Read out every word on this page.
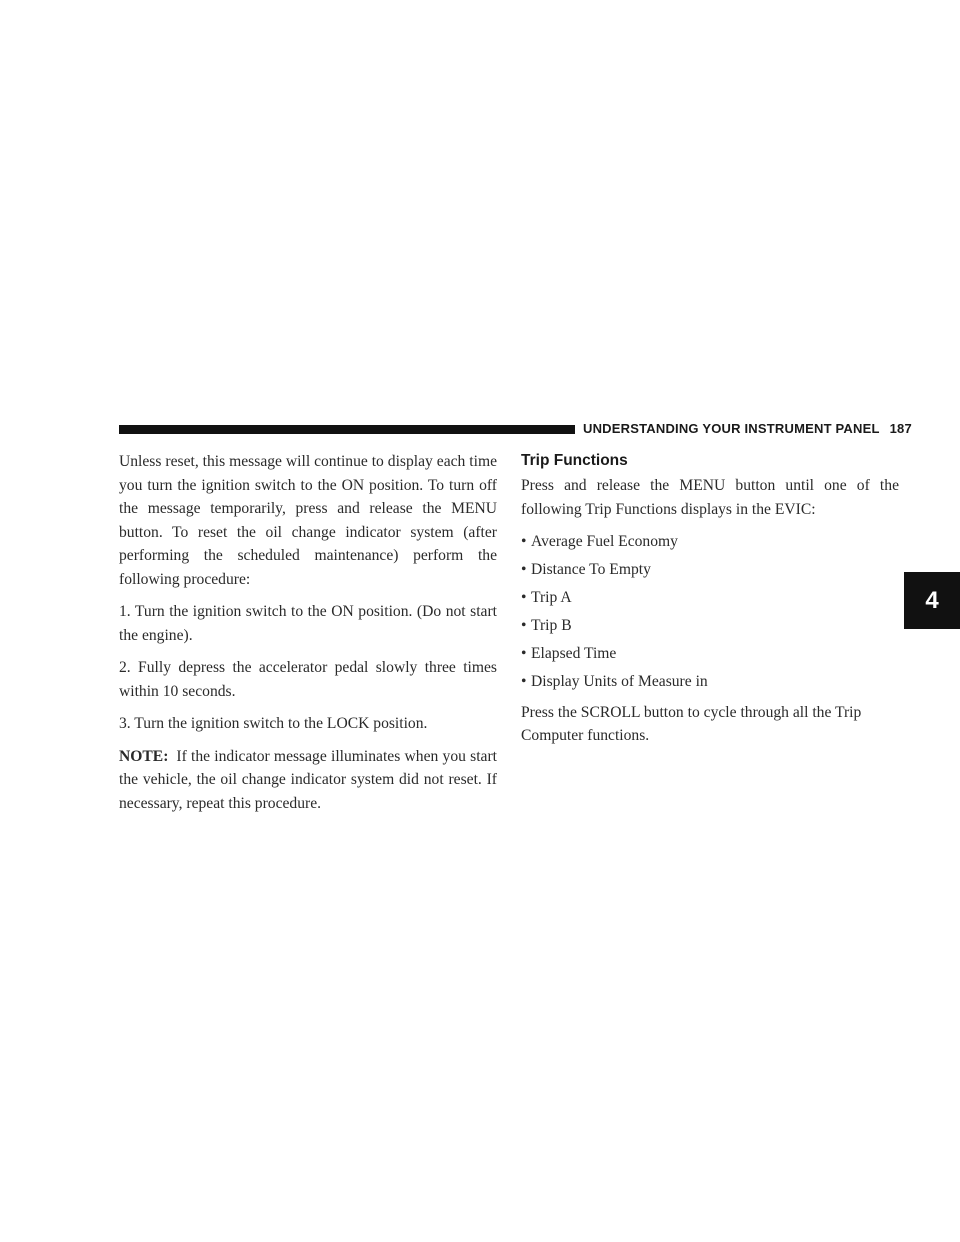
UNDERSTANDING YOUR INSTRUMENT PANEL 187
4

Unless reset, this message will continue to display each time you turn the ignition switch to the ON position. To turn off the message temporarily, press and release the MENU button. To reset the oil change indicator system (after performing the scheduled maintenance) perform the following procedure:

1. Turn the ignition switch to the ON position. (Do not start the engine).

2. Fully depress the accelerator pedal slowly three times within 10 seconds.

3. Turn the ignition switch to the LOCK position.

NOTE: If the indicator message illuminates when you start the vehicle, the oil change indicator system did not reset. If necessary, repeat this procedure.

Trip Functions

Press and release the MENU button until one of the following Trip Functions displays in the EVIC:

• Average Fuel Economy
• Distance To Empty
• Trip A
• Trip B
• Elapsed Time
• Display Units of Measure in

Press the SCROLL button to cycle through all the Trip Computer functions.
